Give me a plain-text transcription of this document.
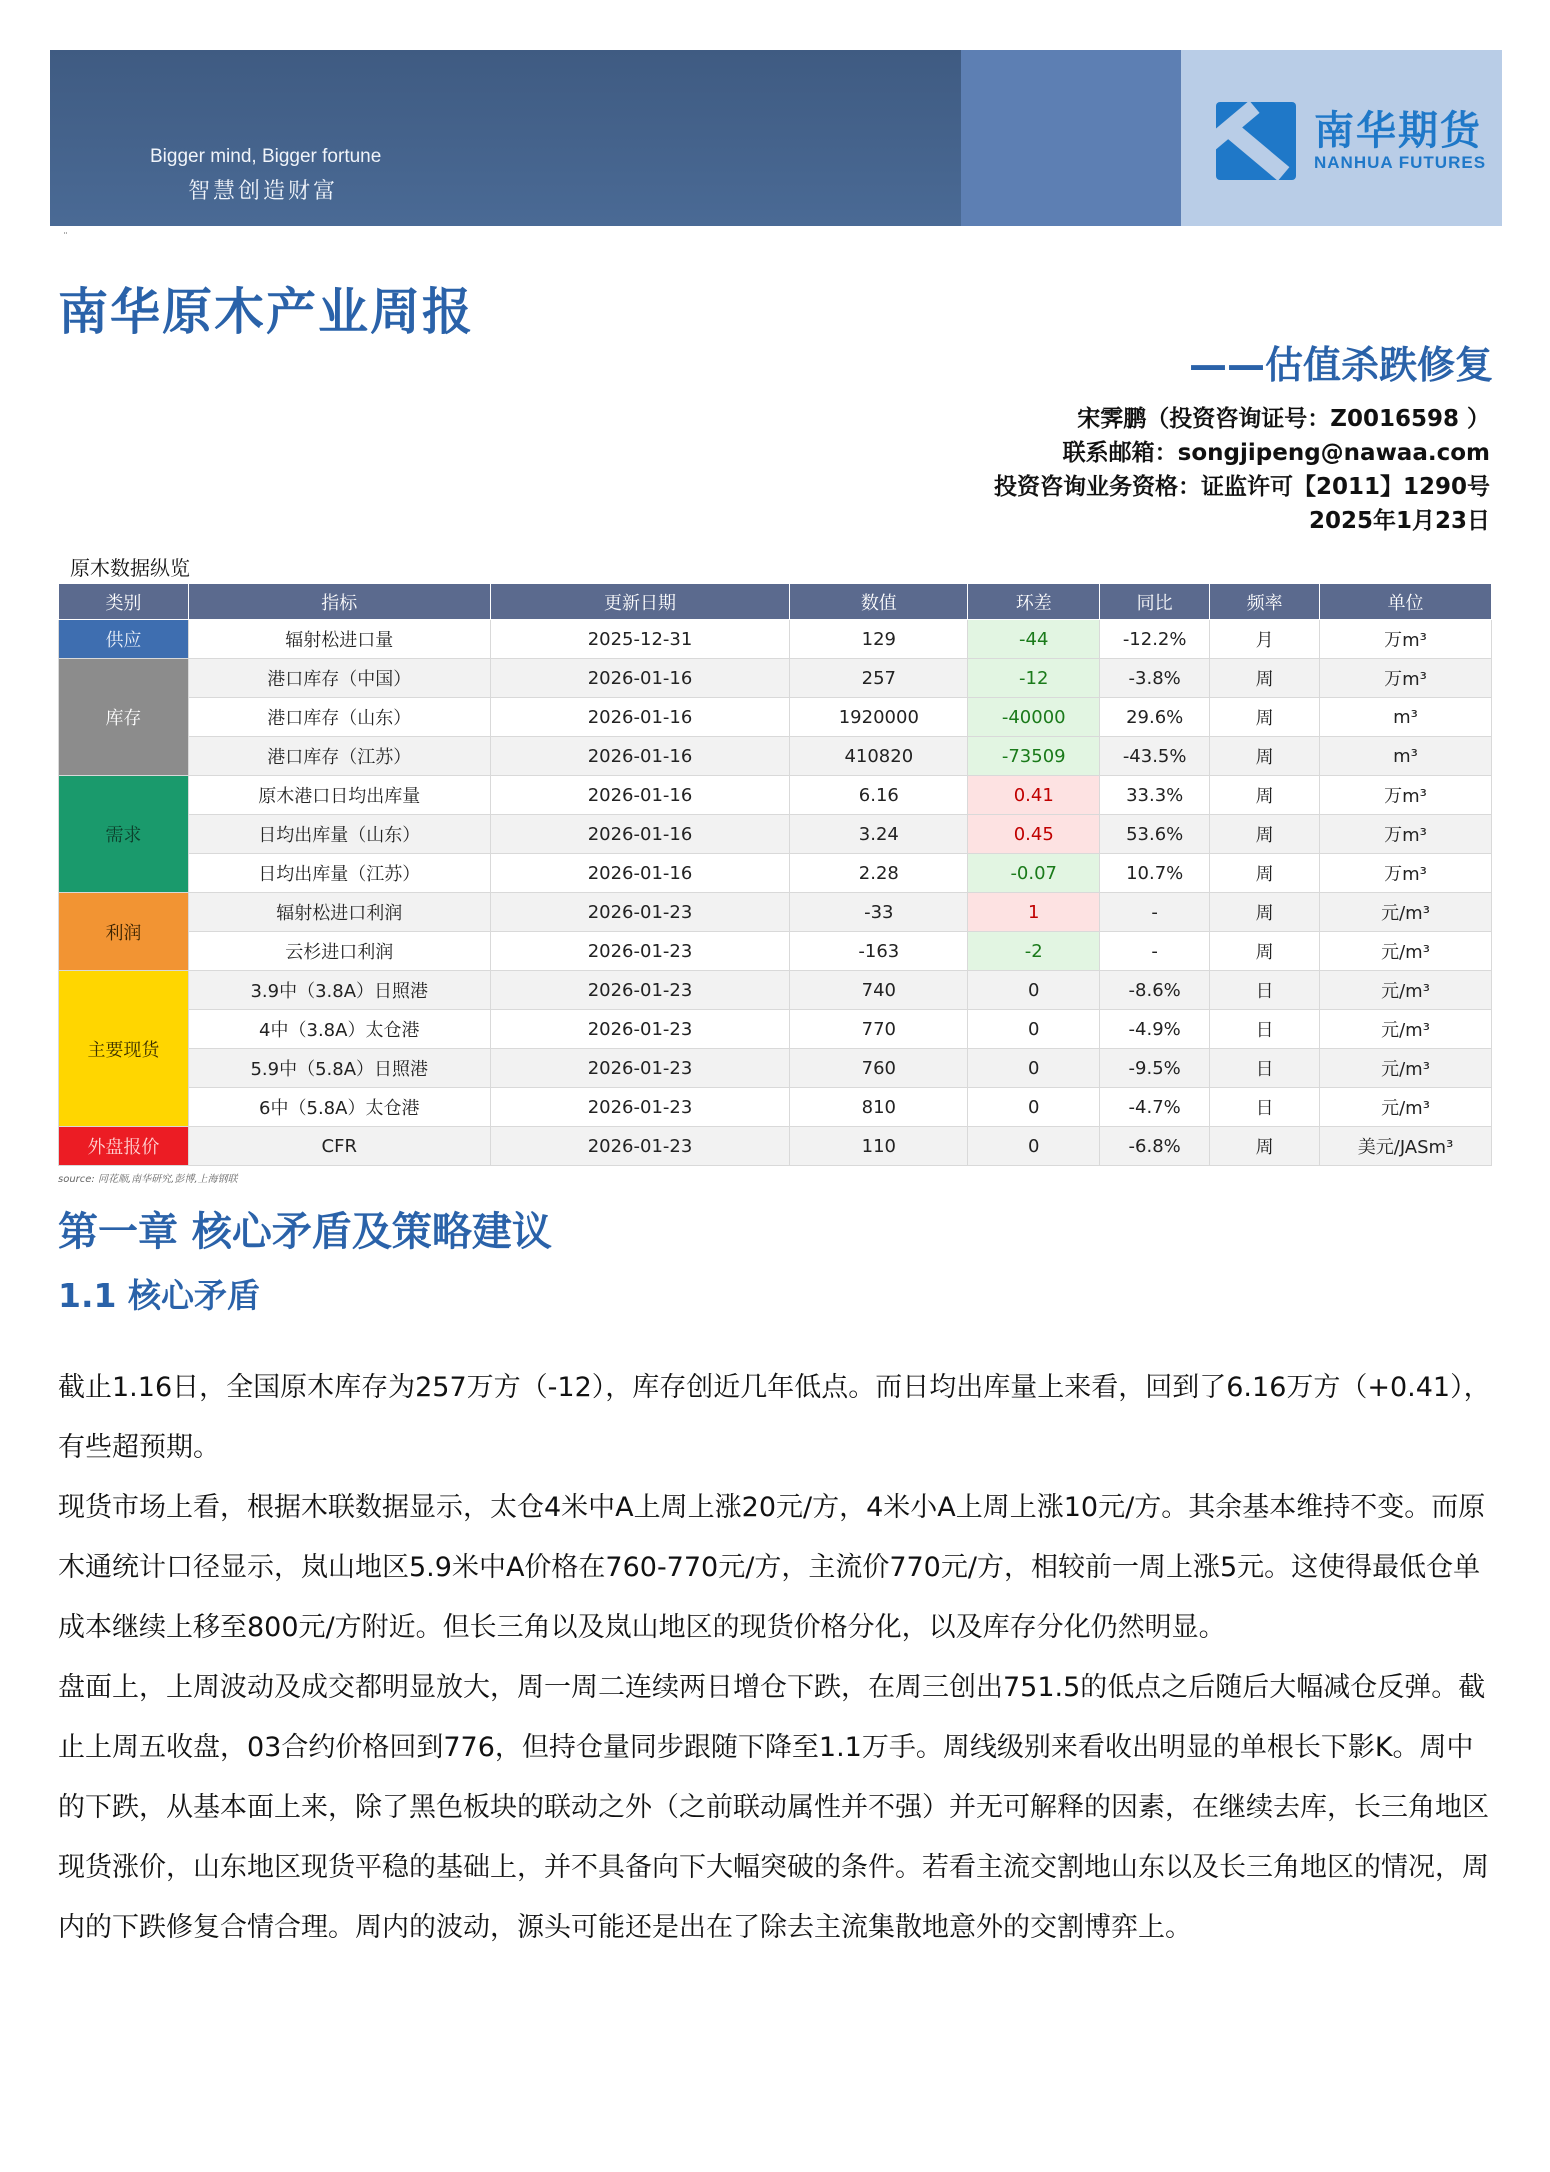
Bigger mind, Bigger fortune
智慧创造财富
南华期货
NANHUA FUTURES
¨
南华原木产业周报
——估值杀跌修复
宋霁鹏（投资咨询证号：Z0016598 ）
联系邮箱：songjipeng@nawaa.com
投资咨询业务资格：证监许可【2011】1290号
2025年1月23日
原木数据纵览
类别	指标	更新日期	数值	环差	同比	频率	单位
供应	辐射松进口量	2025-12-31	129	-44	-12.2%	月	万m³
库存	港口库存（中国）	2026-01-16	257	-12	-3.8%	周	万m³
	港口库存（山东）	2026-01-16	1920000	-40000	29.6%	周	m³
	港口库存（江苏）	2026-01-16	410820	-73509	-43.5%	周	m³
需求	原木港口日均出库量	2026-01-16	6.16	0.41	33.3%	周	万m³
	日均出库量（山东）	2026-01-16	3.24	0.45	53.6%	周	万m³
	日均出库量（江苏）	2026-01-16	2.28	-0.07	10.7%	周	万m³
利润	辐射松进口利润	2026-01-23	-33	1	-	周	元/m³
	云杉进口利润	2026-01-23	-163	-2	-	周	元/m³
主要现货	3.9中（3.8A）日照港	2026-01-23	740	0	-8.6%	日	元/m³
	4中（3.8A）太仓港	2026-01-23	770	0	-4.9%	日	元/m³
	5.9中（5.8A）日照港	2026-01-23	760	0	-9.5%	日	元/m³
	6中（5.8A）太仓港	2026-01-23	810	0	-4.7%	日	元/m³
外盘报价	CFR	2026-01-23	110	0	-6.8%	周	美元/JASm³
source: 同花顺,南华研究,彭博,上海钢联
第一章 核心矛盾及策略建议
1.1 核心矛盾

截止1.16日，全国原木库存为257万方（-12），库存创近几年低点。而日均出库量上来看，回到了6.16万方（+0.41），有些超预期。

现货市场上看，根据木联数据显示，太仓4米中A上周上涨20元/方，4米小A上周上涨10元/方。其余基本维持不变。而原木通统计口径显示，岚山地区5.9米中A价格在760-770元/方，主流价770元/方，相较前一周上涨5元。这使得最低仓单成本继续上移至800元/方附近。但长三角以及岚山地区的现货价格分化，以及库存分化仍然明显。

盘面上，上周波动及成交都明显放大，周一周二连续两日增仓下跌，在周三创出751.5的低点之后随后大幅减仓反弹。截止上周五收盘，03合约价格回到776，但持仓量同步跟随下降至1.1万手。周线级别来看收出明显的单根长下影K。周中的下跌，从基本面上来，除了黑色板块的联动之外（之前联动属性并不强）并无可解释的因素，在继续去库，长三角地区现货涨价，山东地区现货平稳的基础上，并不具备向下大幅突破的条件。若看主流交割地山东以及长三角地区的情况，周内的下跌修复合情合理。周内的波动，源头可能还是出在了除去主流集散地意外的交割博弈上。
